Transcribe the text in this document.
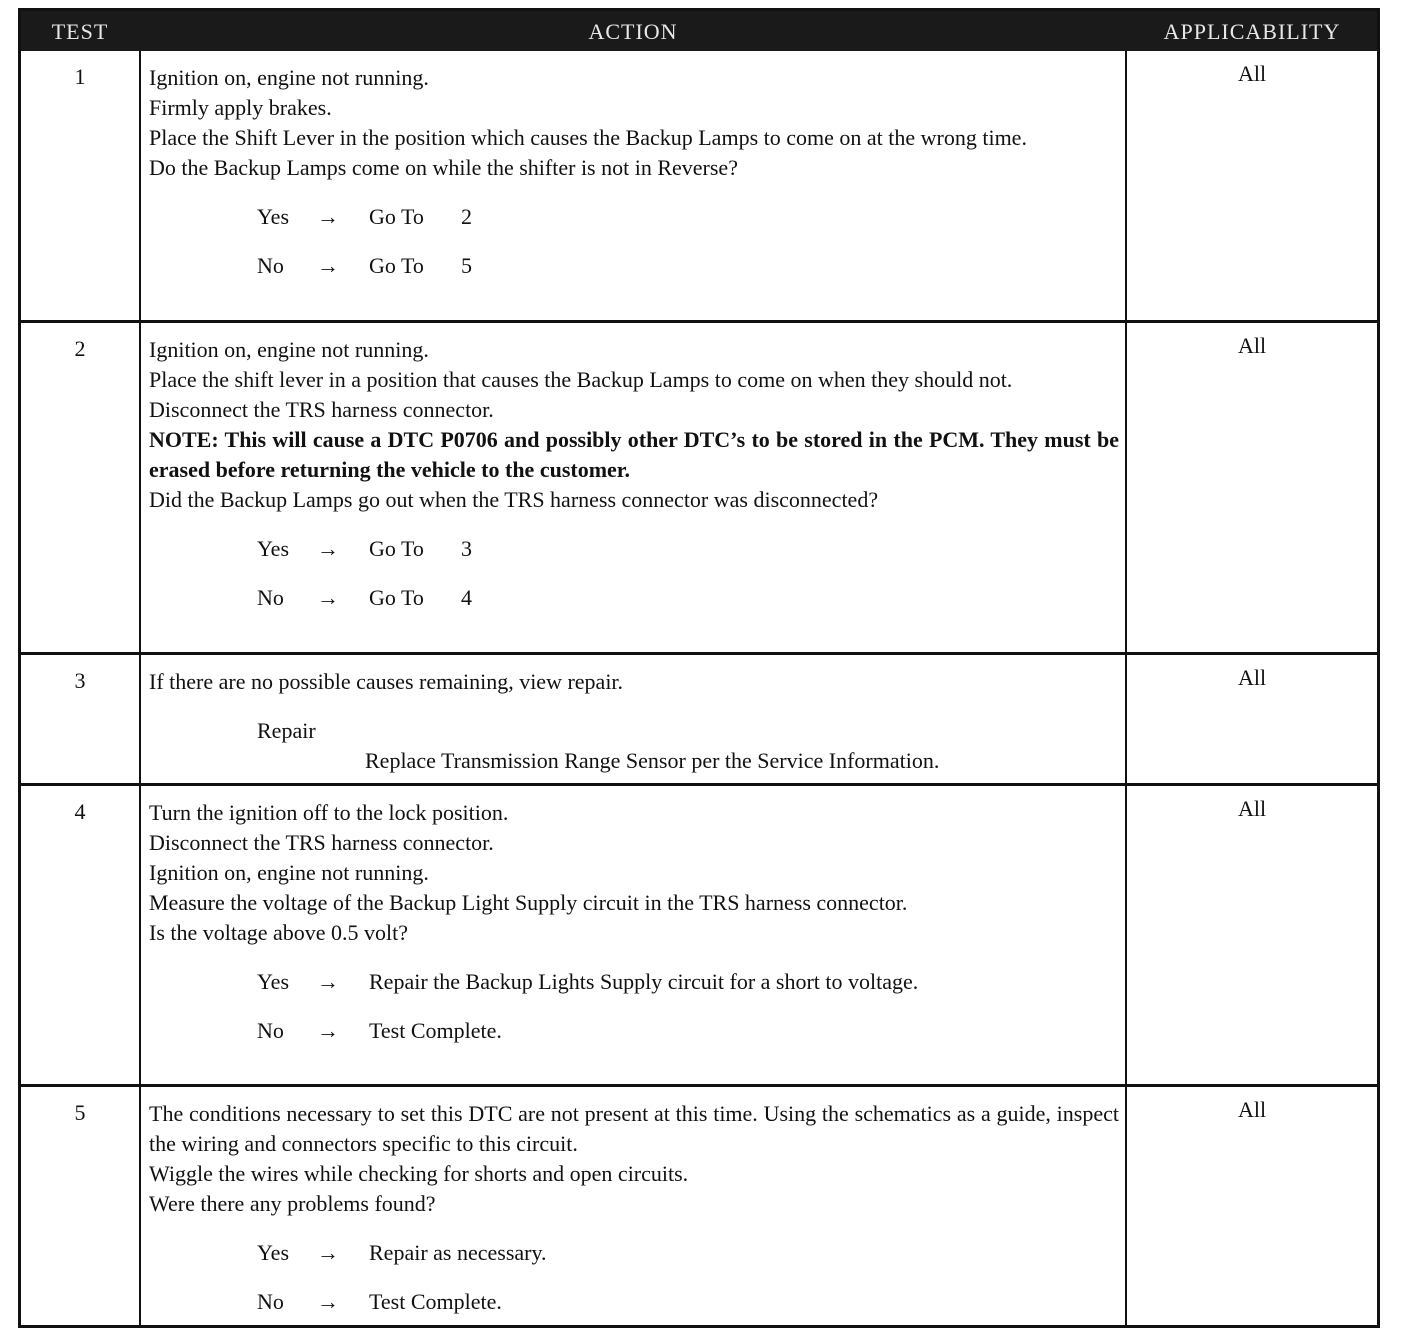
TEST	ACTION	APPLICABILITY
1	Ignition on, engine not running.
Firmly apply brakes.
Place the Shift Lever in the position which causes the Backup Lamps to come on at the wrong time.
Do the Backup Lamps come on while the shifter is not in Reverse?
Yes → Go To 2
No → Go To 5
All
2	Ignition on, engine not running.
Place the shift lever in a position that causes the Backup Lamps to come on when they should not.
Disconnect the TRS harness connector.
NOTE: This will cause a DTC P0706 and possibly other DTC’s to be stored in the PCM. They must be erased before returning the vehicle to the customer.
Did the Backup Lamps go out when the TRS harness connector was disconnected?
Yes → Go To 3
No → Go To 4
All
3	If there are no possible causes remaining, view repair.
Repair
Replace Transmission Range Sensor per the Service Information.
All
4	Turn the ignition off to the lock position.
Disconnect the TRS harness connector.
Ignition on, engine not running.
Measure the voltage of the Backup Light Supply circuit in the TRS harness connector.
Is the voltage above 0.5 volt?
Yes → Repair the Backup Lights Supply circuit for a short to voltage.
No → Test Complete.
All
5	The conditions necessary to set this DTC are not present at this time. Using the schematics as a guide, inspect the wiring and connectors specific to this circuit.
Wiggle the wires while checking for shorts and open circuits.
Were there any problems found?
Yes → Repair as necessary.
No → Test Complete.
All
